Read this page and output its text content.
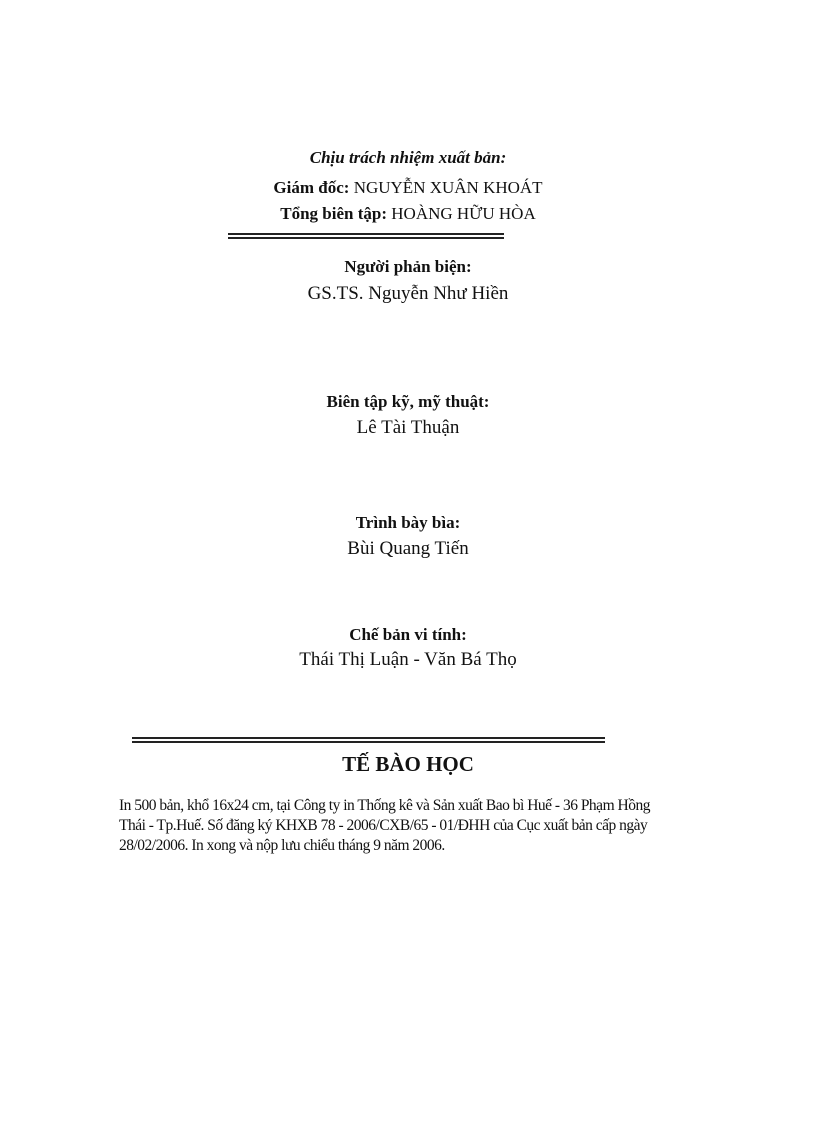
Chịu trách nhiệm xuất bản:
Giám đốc: NGUYỄN XUÂN KHOÁT
Tổng biên tập: HOÀNG HỮU HÒA
Người phản biện:
GS.TS. Nguyễn Như Hiền
Biên tập kỹ, mỹ thuật:
Lê Tài Thuận
Trình bày bìa:
Bùi Quang Tiến
Chế bản vi tính:
Thái Thị Luận - Văn Bá Thọ
TẾ BÀO HỌC
In 500 bản, khổ 16x24 cm, tại Công ty in Thống kê và Sản xuất Bao bì Huế - 36 Phạm Hồng
Thái - Tp.Huế. Số đăng ký KHXB 78 - 2006/CXB/65 - 01/ĐHH của Cục xuất bản cấp ngày
28/02/2006. In xong và nộp lưu chiểu tháng 9 năm 2006.
